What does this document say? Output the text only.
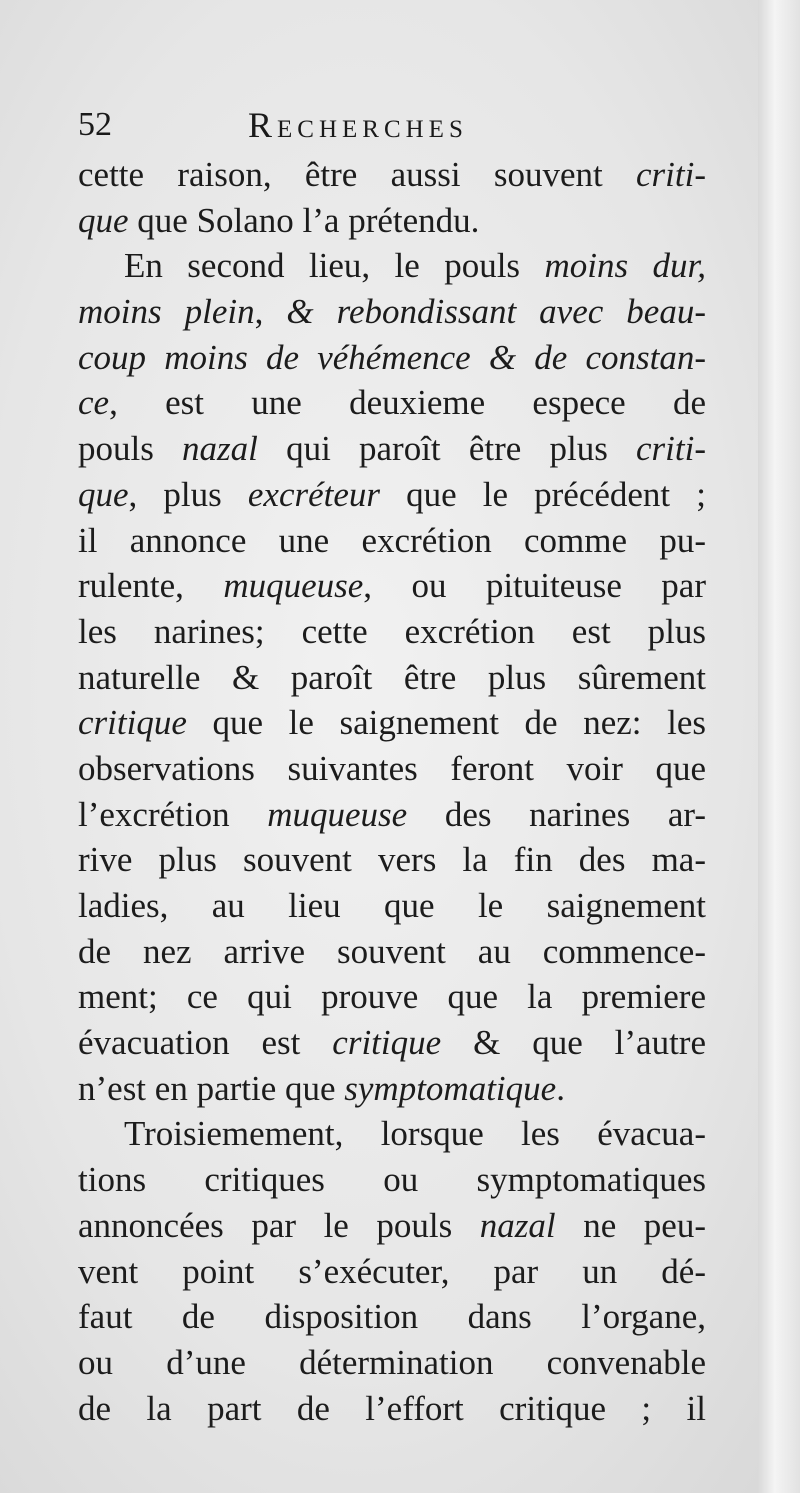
52	Recherches
cette raison, être aussi souvent criti-
que que Solano l’a prétendu.
En second lieu, le pouls moins dur,
moins plein, & rebondissant avec beau-
coup moins de véhémence & de constan-
ce, est une deuxieme espece de
pouls nazal qui paroît être plus criti-
que, plus excréteur que le précédent ;
il annonce une excrétion comme pu-
rulente, muqueuse, ou pituiteuse par
les narines; cette excrétion est plus
naturelle & paroît être plus sûrement
critique que le saignement de nez: les
observations suivantes feront voir que
l’excrétion muqueuse des narines ar-
rive plus souvent vers la fin des ma-
ladies, au lieu que le saignement
de nez arrive souvent au commence-
ment; ce qui prouve que la premiere
évacuation est critique & que l’autre
n’est en partie que symptomatique.
Troisiemement, lorsque les évacua-
tions critiques ou symptomatiques
annoncées par le pouls nazal ne peu-
vent point s’exécuter, par un dé-
faut de disposition dans l’organe,
ou d’une détermination convenable
de la part de l’effort critique ; il
